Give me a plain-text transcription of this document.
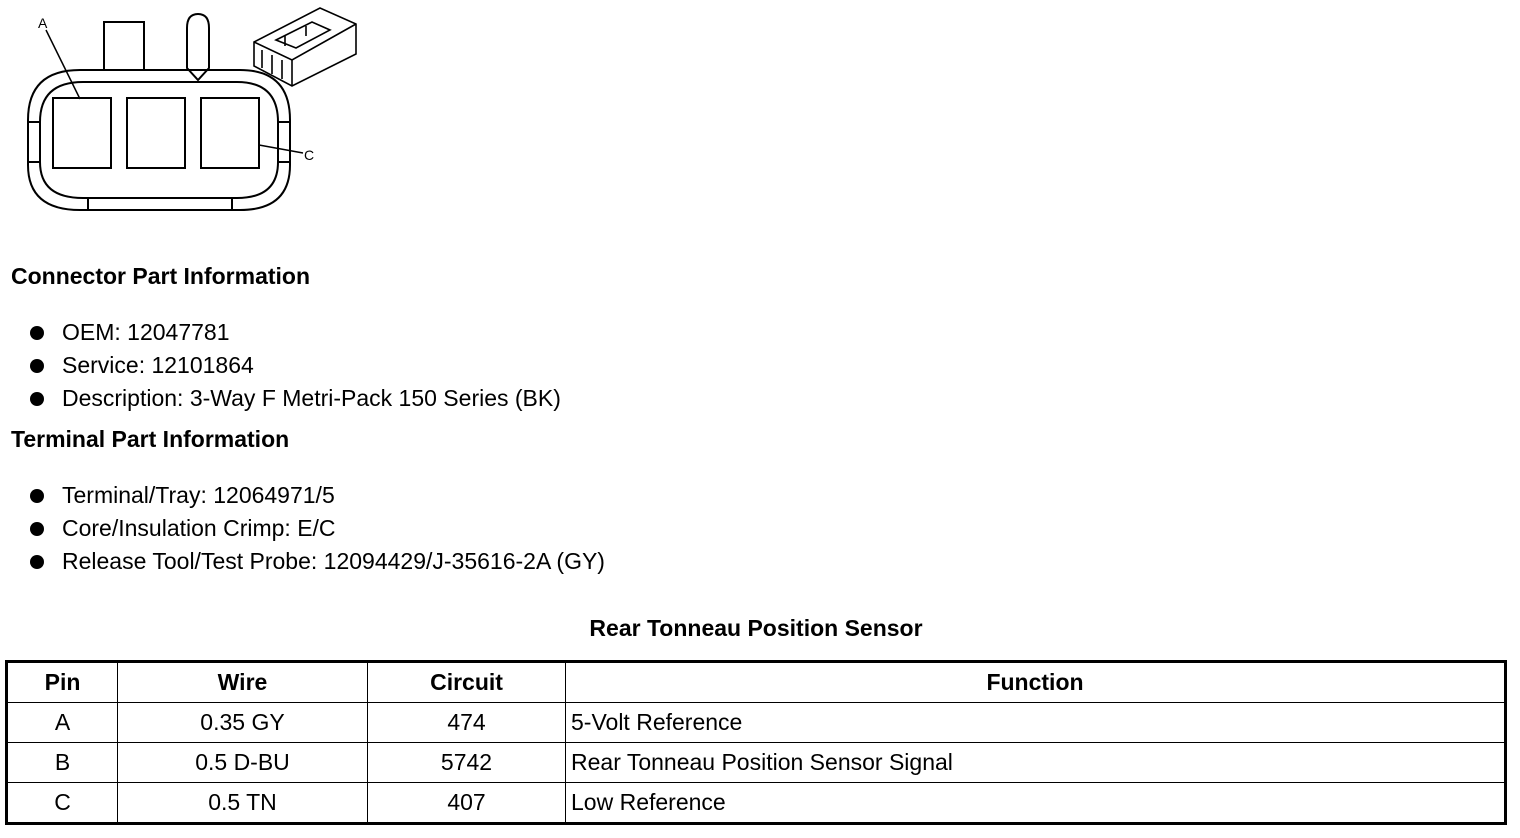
A
C
Connector Part Information
OEM: 12047781
Service: 12101864
Description: 3-Way F Metri-Pack 150 Series (BK)
Terminal Part Information
Terminal/Tray: 12064971/5
Core/Insulation Crimp: E/C
Release Tool/Test Probe: 12094429/J-35616-2A (GY)
Rear Tonneau Position Sensor
Pin	Wire	Circuit	Function
A	0.35 GY	474	5-Volt Reference
B	0.5 D-BU	5742	Rear Tonneau Position Sensor Signal
C	0.5 TN	407	Low Reference
